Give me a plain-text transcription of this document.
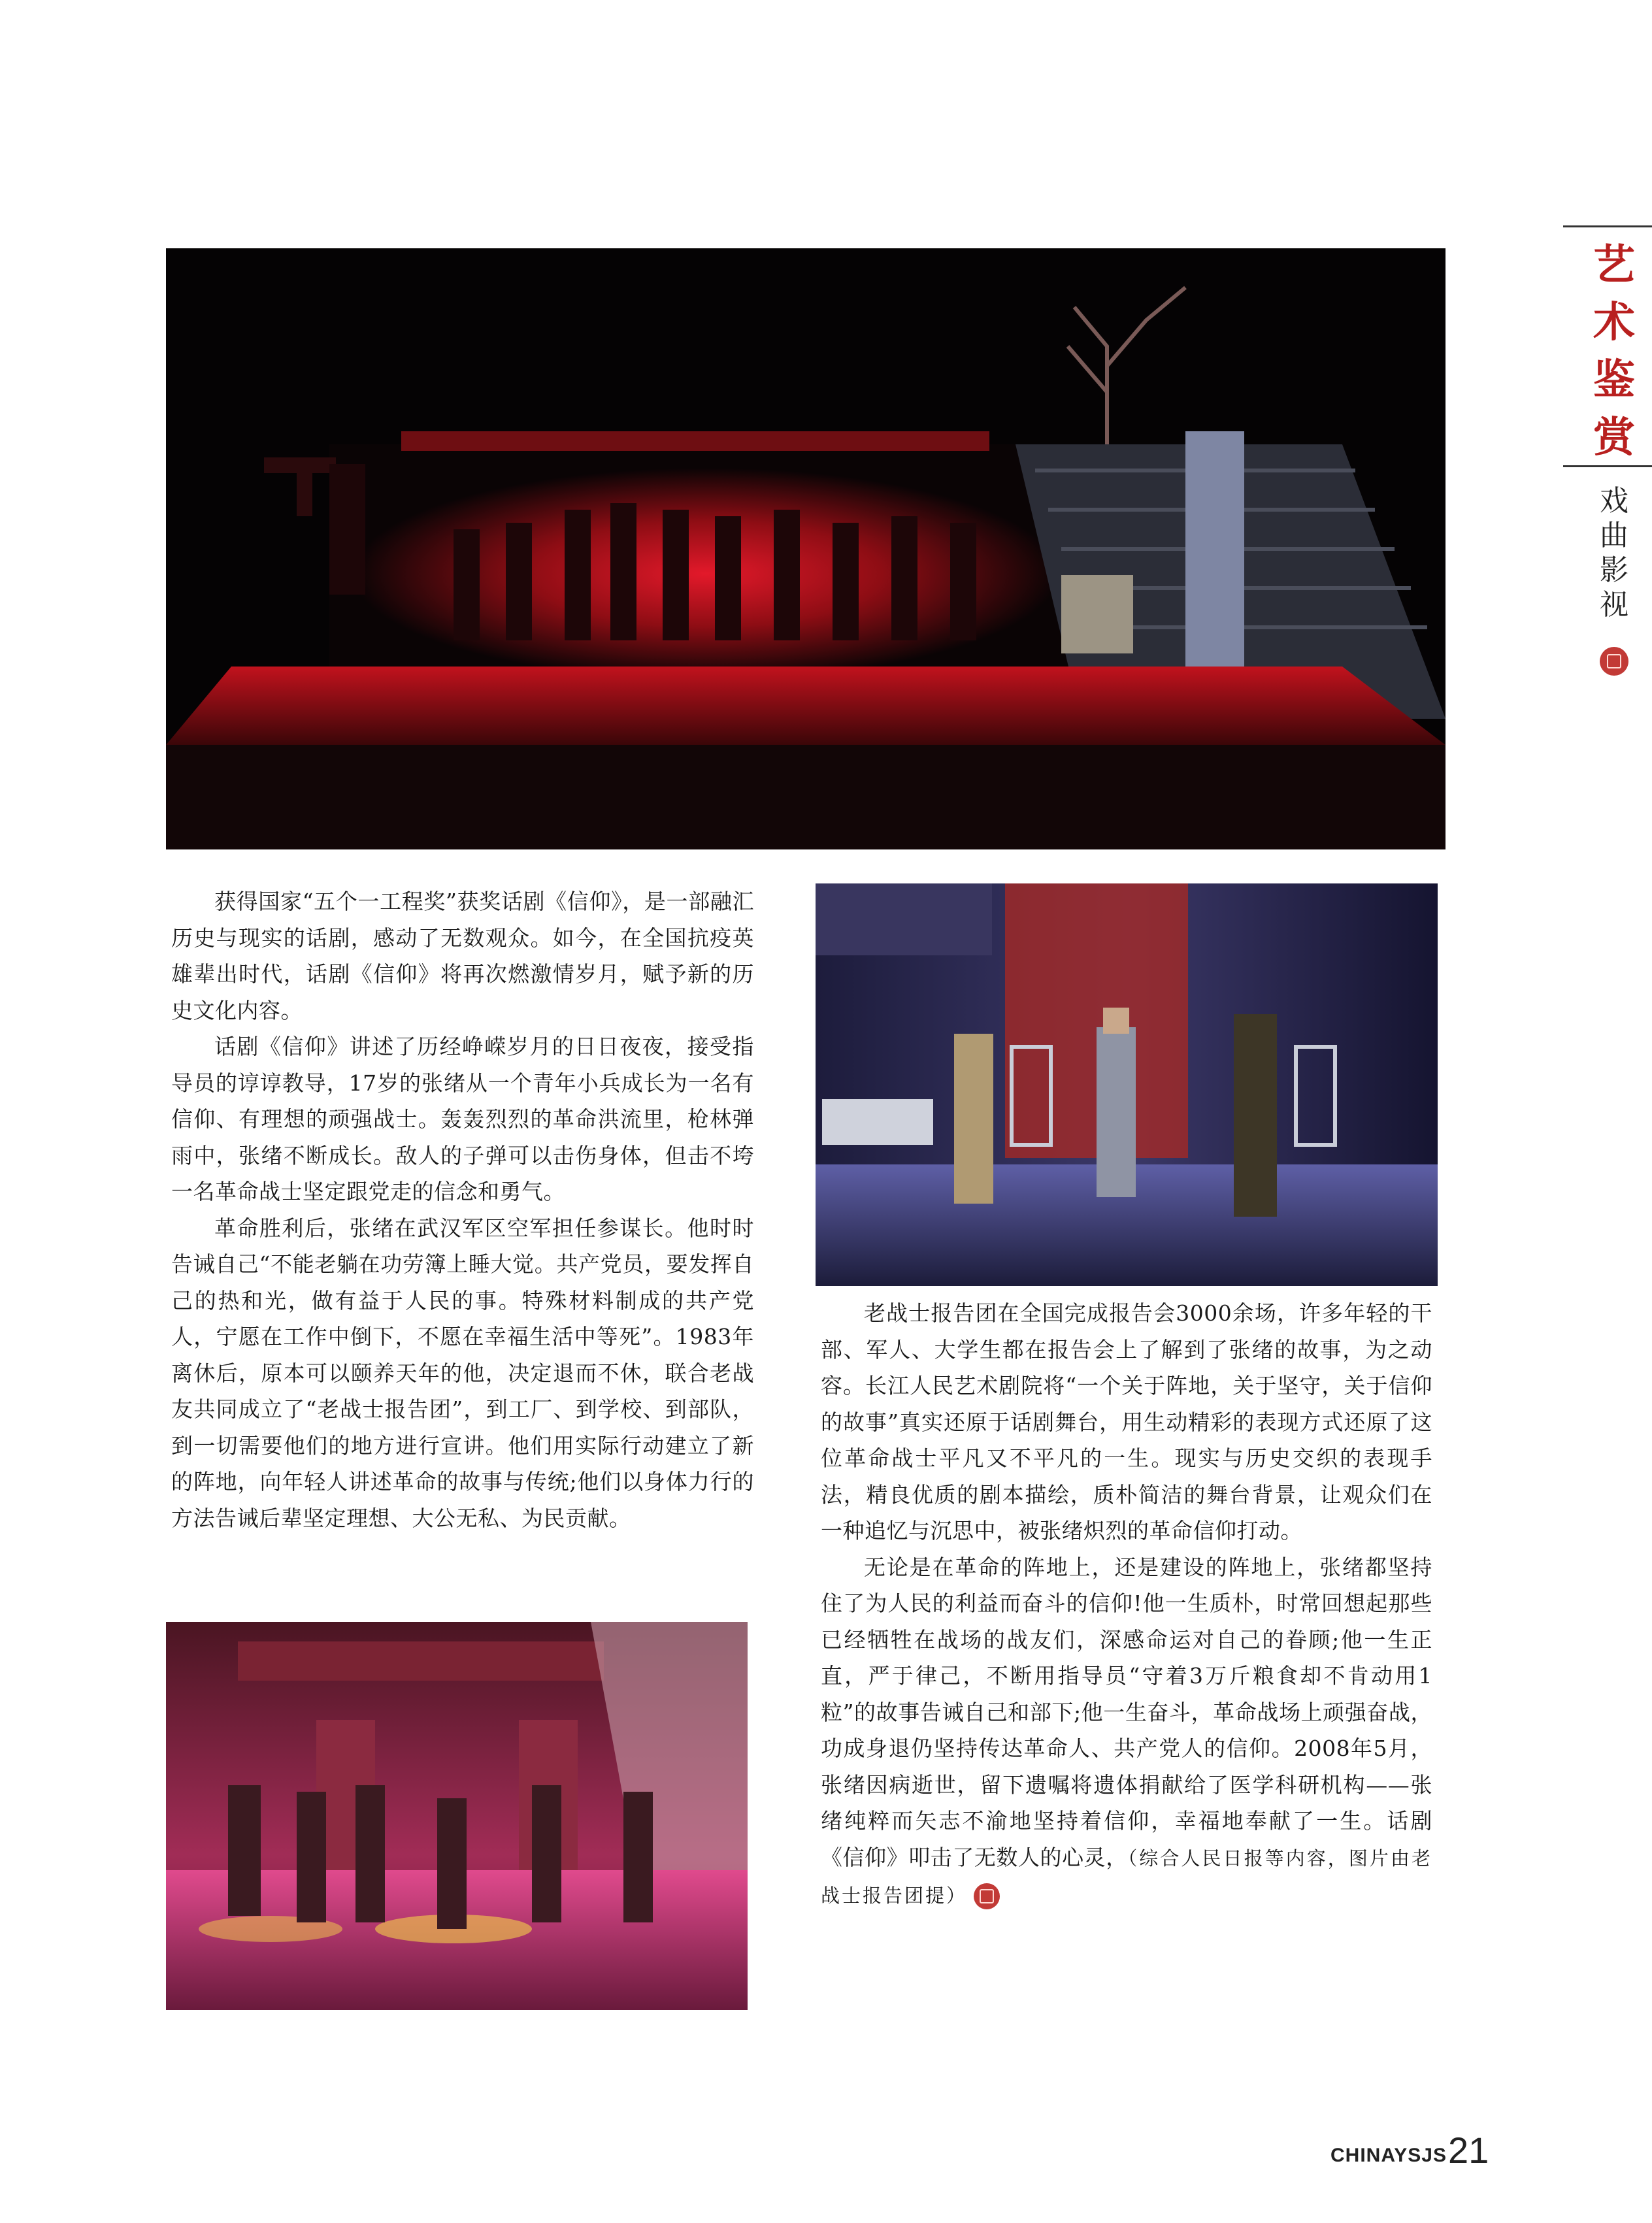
获得国家“五个一工程奖”获奖话剧《信仰》，是一部融汇历史与现实的话剧，感动了无数观众。如今，在全国抗疫英雄辈出时代，话剧《信仰》将再次燃激情岁月，赋予新的历史文化内容。

话剧《信仰》讲述了历经峥嵘岁月的日日夜夜，接受指导员的谆谆教导，17岁的张绪从一个青年小兵成长为一名有信仰、有理想的顽强战士。轰轰烈烈的革命洪流里，枪林弹雨中，张绪不断成长。敌人的子弹可以击伤身体，但击不垮一名革命战士坚定跟党走的信念和勇气。

革命胜利后，张绪在武汉军区空军担任参谋长。他时时告诫自己“不能老躺在功劳簿上睡大觉。共产党员，要发挥自己的热和光，做有益于人民的事。特殊材料制成的共产党人，宁愿在工作中倒下，不愿在幸福生活中等死”。1983年离休后，原本可以颐养天年的他，决定退而不休，联合老战友共同成立了“老战士报告团”，到工厂、到学校、到部队，到一切需要他们的地方进行宣讲。他们用实际行动建立了新的阵地，向年轻人讲述革命的故事与传统;他们以身体力行的方法告诫后辈坚定理想、大公无私、为民贡献。

老战士报告团在全国完成报告会3000余场，许多年轻的干部、军人、大学生都在报告会上了解到了张绪的故事，为之动容。长江人民艺术剧院将“一个关于阵地，关于坚守，关于信仰的故事”真实还原于话剧舞台，用生动精彩的表现方式还原了这位革命战士平凡又不平凡的一生。现实与历史交织的表现手法，精良优质的剧本描绘，质朴简洁的舞台背景，让观众们在一种追忆与沉思中，被张绪炽烈的革命信仰打动。

无论是在革命的阵地上，还是建设的阵地上，张绪都坚持住了为人民的利益而奋斗的信仰!他一生质朴，时常回想起那些已经牺牲在战场的战友们，深感命运对自己的眷顾;他一生正直，严于律己，不断用指导员“守着3万斤粮食却不肯动用1粒”的故事告诫自己和部下;他一生奋斗，革命战场上顽强奋战，功成身退仍坚持传达革命人、共产党人的信仰。2008年5月，张绪因病逝世，留下遗嘱将遗体捐献给了医学科研机构——张绪纯粹而矢志不渝地坚持着信仰，幸福地奉献了一生。话剧《信仰》叩击了无数人的心灵，（综合人民日报等内容，图片由老战士报告团提）

艺
术
鉴
赏
戏
曲
影
视
CHINAYSJS 21
